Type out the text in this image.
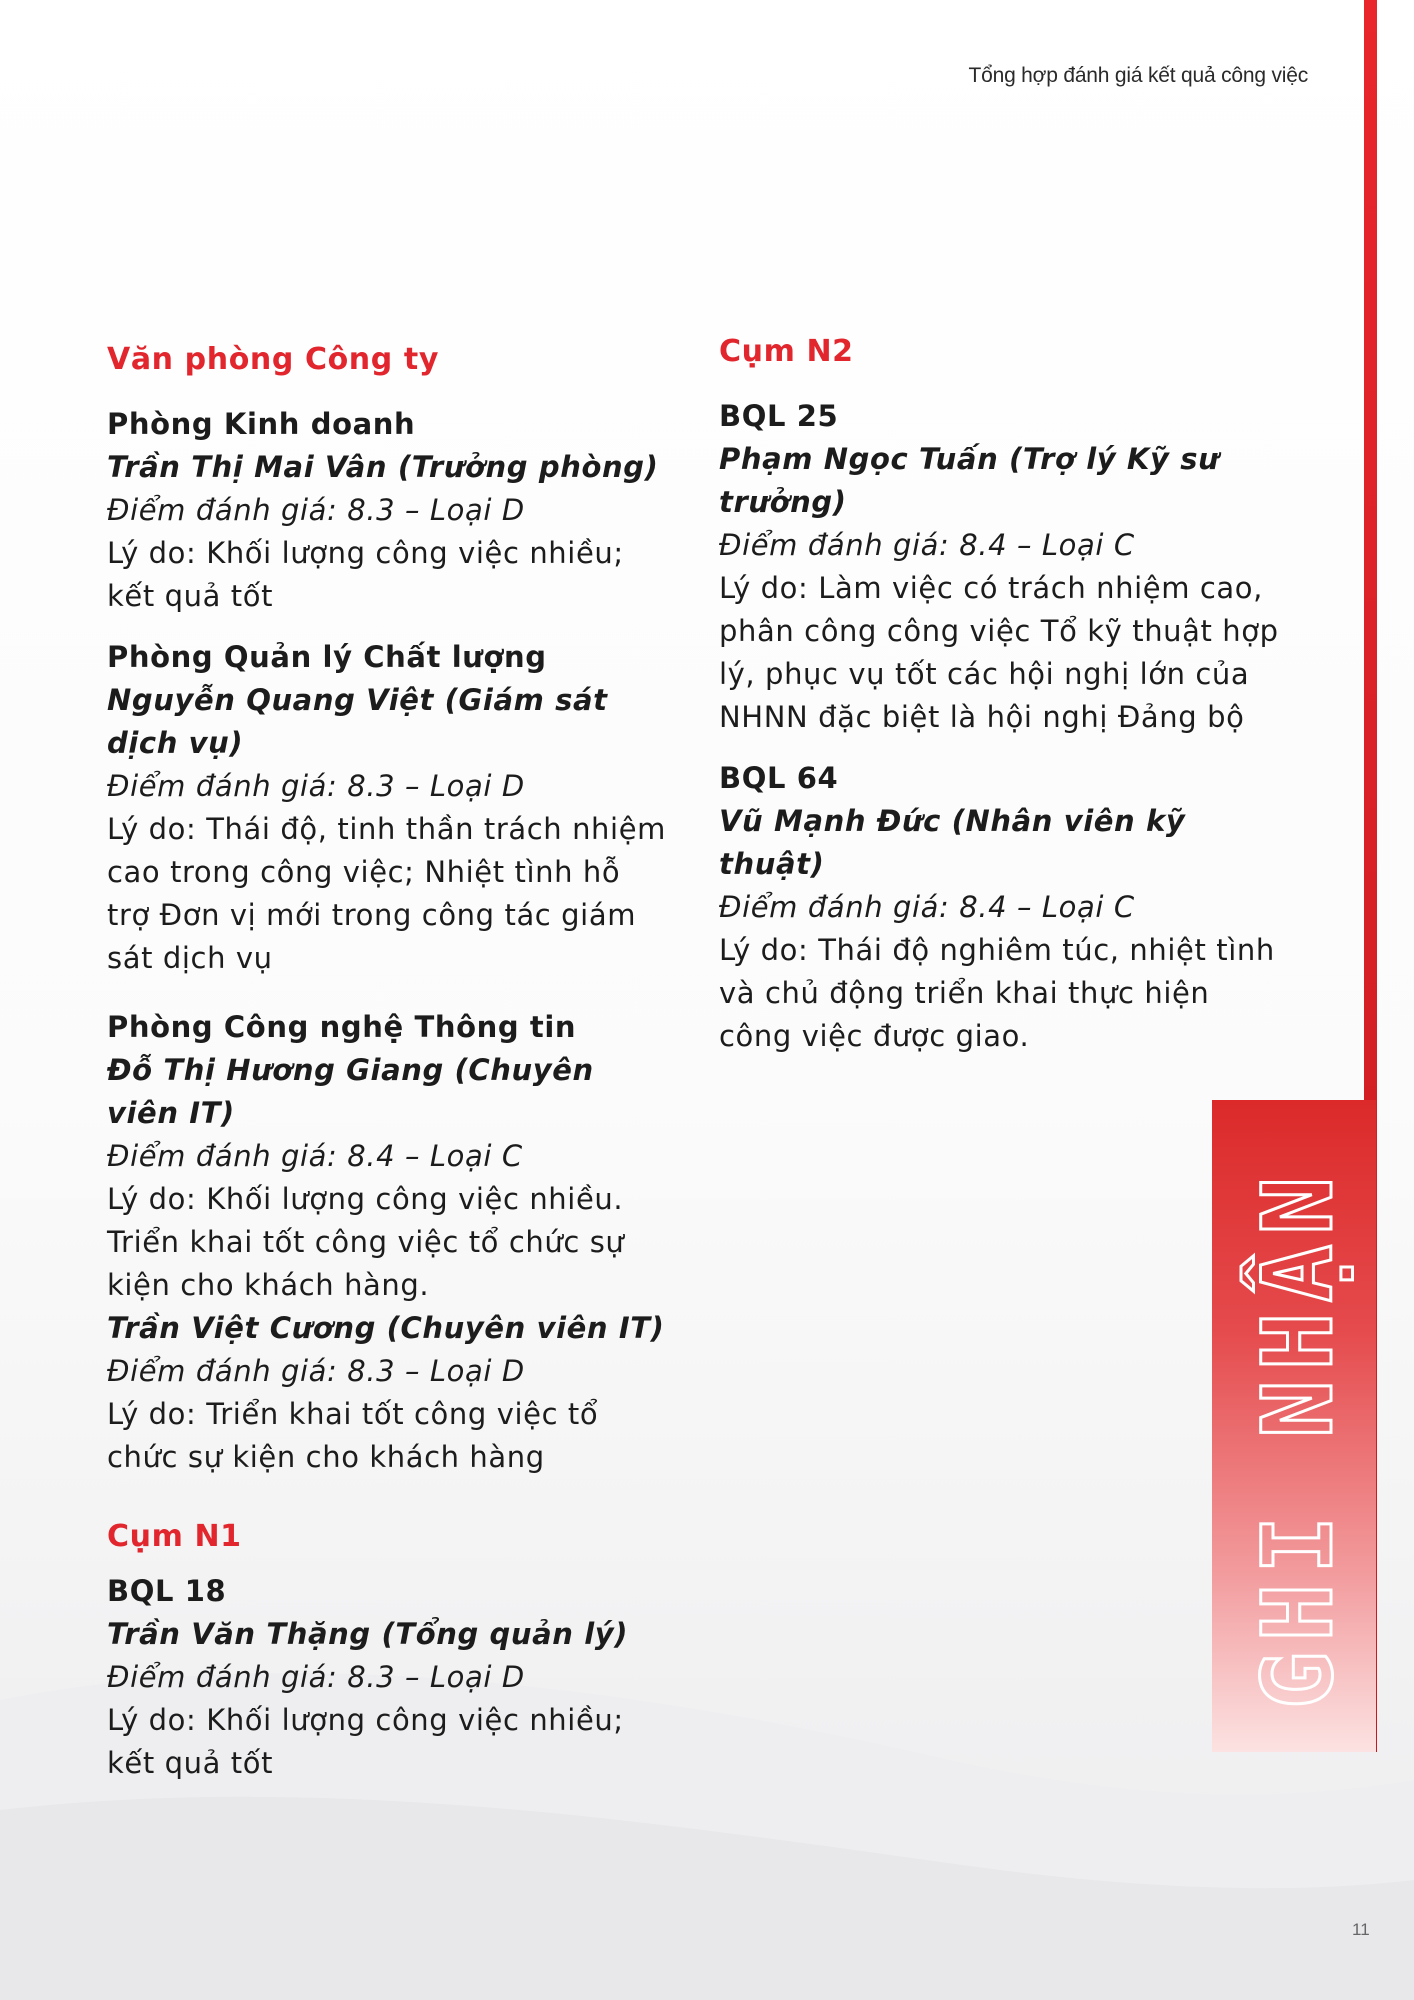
Tổng hợp đánh giá kết quả công việc
Văn phòng Công ty
Phòng Kinh doanh
Trần Thị Mai Vân (Trưởng phòng)
Điểm đánh giá: 8.3 – Loại D
Lý do: Khối lượng công việc nhiều; kết quả tốt
Phòng Quản lý Chất lượng
Nguyễn Quang Việt (Giám sát dịch vụ)
Điểm đánh giá: 8.3 – Loại D
Lý do: Thái độ, tinh thần trách nhiệm cao trong công việc; Nhiệt tình hỗ trợ Đơn vị mới trong công tác giám sát dịch vụ
Phòng Công nghệ Thông tin
Đỗ Thị Hương Giang (Chuyên viên IT)
Điểm đánh giá: 8.4 – Loại C
Lý do: Khối lượng công việc nhiều. Triển khai tốt công việc tổ chức sự kiện cho khách hàng.
Trần Việt Cương (Chuyên viên IT)
Điểm đánh giá: 8.3 – Loại D
Lý do: Triển khai tốt công việc tổ chức sự kiện cho khách hàng
Cụm N1
BQL 18
Trần Văn Thặng (Tổng quản lý)
Điểm đánh giá: 8.3 – Loại D
Lý do: Khối lượng công việc nhiều; kết quả tốt
Cụm N2
BQL 25
Phạm Ngọc Tuấn (Trợ lý Kỹ sư trưởng)
Điểm đánh giá: 8.4 – Loại C
Lý do: Làm việc có trách nhiệm cao, phân công công việc Tổ kỹ thuật hợp lý, phục vụ tốt các hội nghị lớn của NHNN đặc biệt là hội nghị Đảng bộ
BQL 64
Vũ Mạnh Đức (Nhân viên kỹ thuật)
Điểm đánh giá: 8.4 – Loại C
Lý do: Thái độ nghiêm túc, nhiệt tình và chủ động triển khai thực hiện công việc được giao.
GHI NHẬN
11
